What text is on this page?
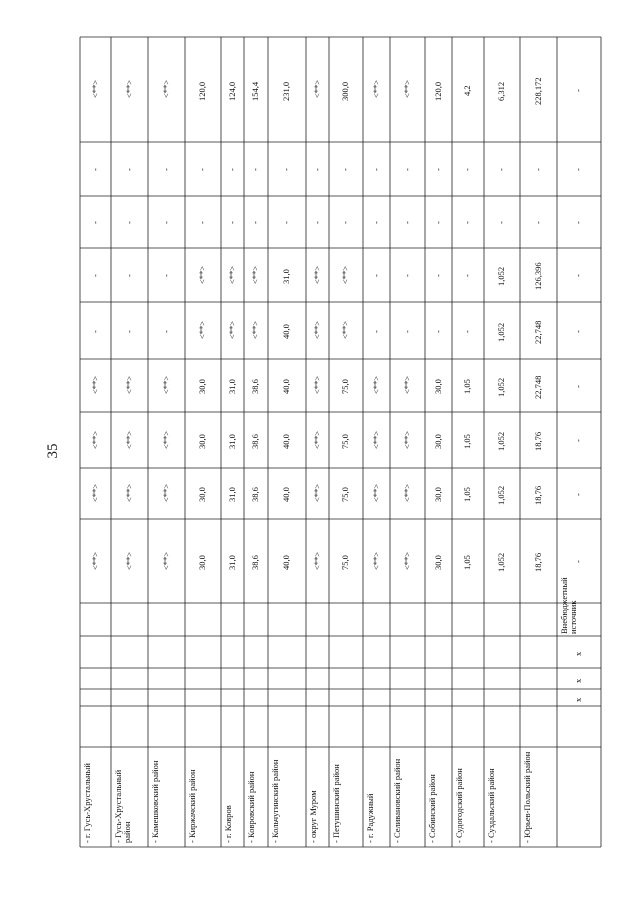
35
- г. Гусь-Хрустальный
<**>
<**>
<**>
<**>
-
-
-
-
<**>
- Гусь-Хрустальный район
<**>
<**>
<**>
<**>
-
-
-
-
<**>
- Камешковский район
<**>
<**>
<**>
<**>
-
-
-
-
<**>
- Киржачский район
30,0
30,0
30,0
30,0
<**>
<**>
-
-
120,0
- г. Ковров
31,0
31,0
31,0
31,0
<**>
<**>
-
-
124,0
- Ковровский район
38,6
38,6
38,6
38,6
<**>
<**>
-
-
154,4
- Кольчугинский район
40,0
40,0
40,0
40,0
40,0
31,0
-
-
231,0
- округ Муром
<**>
<**>
<**>
<**>
<**>
<**>
-
-
<**>
- Петушинский район
75,0
75,0
75,0
75,0
<**>
<**>
-
-
300,0
- г. Радужный
<**>
<**>
<**>
<**>
-
-
-
-
<**>
- Селивановский район
<**>
<**>
<**>
<**>
-
-
-
-
<**>
- Собинский район
30,0
30,0
30,0
30,0
-
-
-
-
120,0
- Судогодский район
1,05
1,05
1,05
1,05
-
-
-
-
4,2
- Суздальский район
1,052
1,052
1,052
1,052
1,052
1,052
-
-
6,312
- Юрьев-Польский район
18,76
18,76
18,76
22,748
22,748
126,396
-
-
228,172
x
x
x
Внебюджетный источник
-
-
-
-
-
-
-
-
-
